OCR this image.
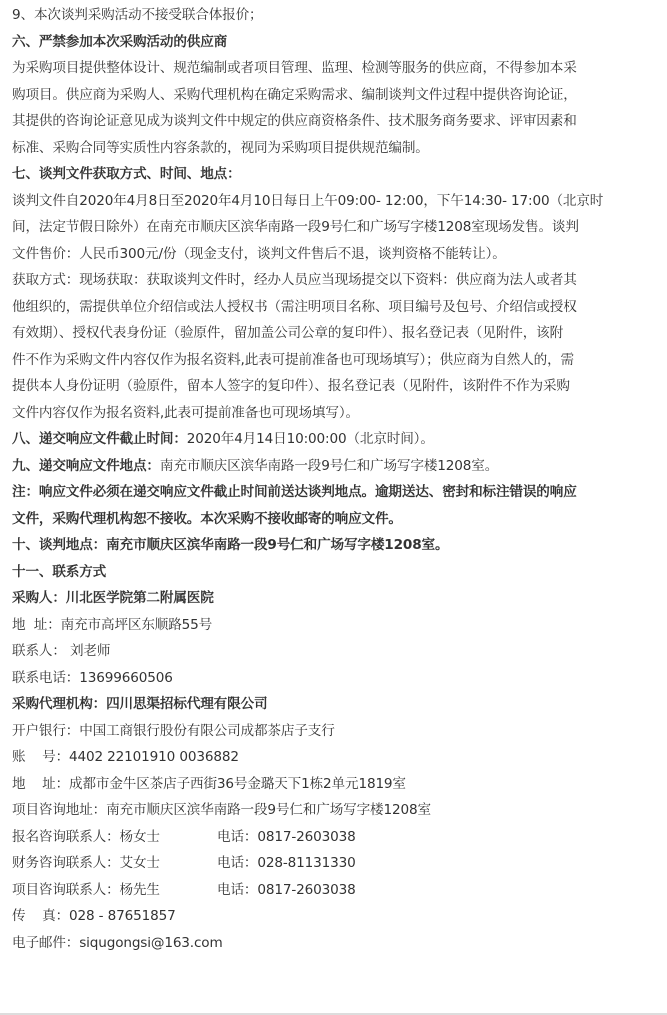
9、本次谈判采购活动不接受联合体报价；
六、严禁参加本次采购活动的供应商
为采购项目提供整体设计、规范编制或者项目管理、监理、检测等服务的供应商，不得参加本采
购项目。供应商为采购人、采购代理机构在确定采购需求、编制谈判文件过程中提供咨询论证，
其提供的咨询论证意见成为谈判文件中规定的供应商资格条件、技术服务商务要求、评审因素和
标准、采购合同等实质性内容条款的，视同为采购项目提供规范编制。
七、谈判文件获取方式、时间、地点：
谈判文件自2020年4月8日至2020年4月10日每日上午09:00- 12:00，下午14:30- 17:00（北京时
间，法定节假日除外）在南充市顺庆区滨华南路一段9号仁和广场写字楼1208室现场发售。谈判
文件售价：人民币300元/份（现金支付，谈判文件售后不退，谈判资格不能转让）。
获取方式：现场获取：获取谈判文件时，经办人员应当现场提交以下资料：供应商为法人或者其
他组织的，需提供单位介绍信或法人授权书（需注明项目名称、项目编号及包号、介绍信或授权
有效期）、授权代表身份证（验原件，留加盖公司公章的复印件）、报名登记表（见附件，该附
件不作为采购文件内容仅作为报名资料,此表可提前准备也可现场填写）；供应商为自然人的，需
提供本人身份证明（验原件，留本人签字的复印件）、报名登记表（见附件，该附件不作为采购
文件内容仅作为报名资料,此表可提前准备也可现场填写）。
八、递交响应文件截止时间：2020年4月14日10:00:00（北京时间）。
九、递交响应文件地点：南充市顺庆区滨华南路一段9号仁和广场写字楼1208室。
注：响应文件必须在递交响应文件截止时间前送达谈判地点。逾期送达、密封和标注错误的响应
文件，采购代理机构恕不接收。本次采购不接收邮寄的响应文件。
十、谈判地点：南充市顺庆区滨华南路一段9号仁和广场写字楼1208室。
十一、联系方式
采购人：川北医学院第二附属医院
地  址：南充市高坪区东顺路55号
联系人： 刘老师
联系电话：13699660506
采购代理机构：四川思渠招标代理有限公司
开户银行：中国工商银行股份有限公司成都茶店子支行
账    号：4402 22101910 0036882
地    址：成都市金牛区茶店子西街36号金璐天下1栋2单元1819室
项目咨询地址：南充市顺庆区滨华南路一段9号仁和广场写字楼1208室
报名咨询联系人：杨女士	电话：0817-2603038
财务咨询联系人：艾女士	电话：028-81131330
项目咨询联系人：杨先生	电话：0817-2603038
传    真：028 - 87651857
电子邮件：siqugongsi@163.com
